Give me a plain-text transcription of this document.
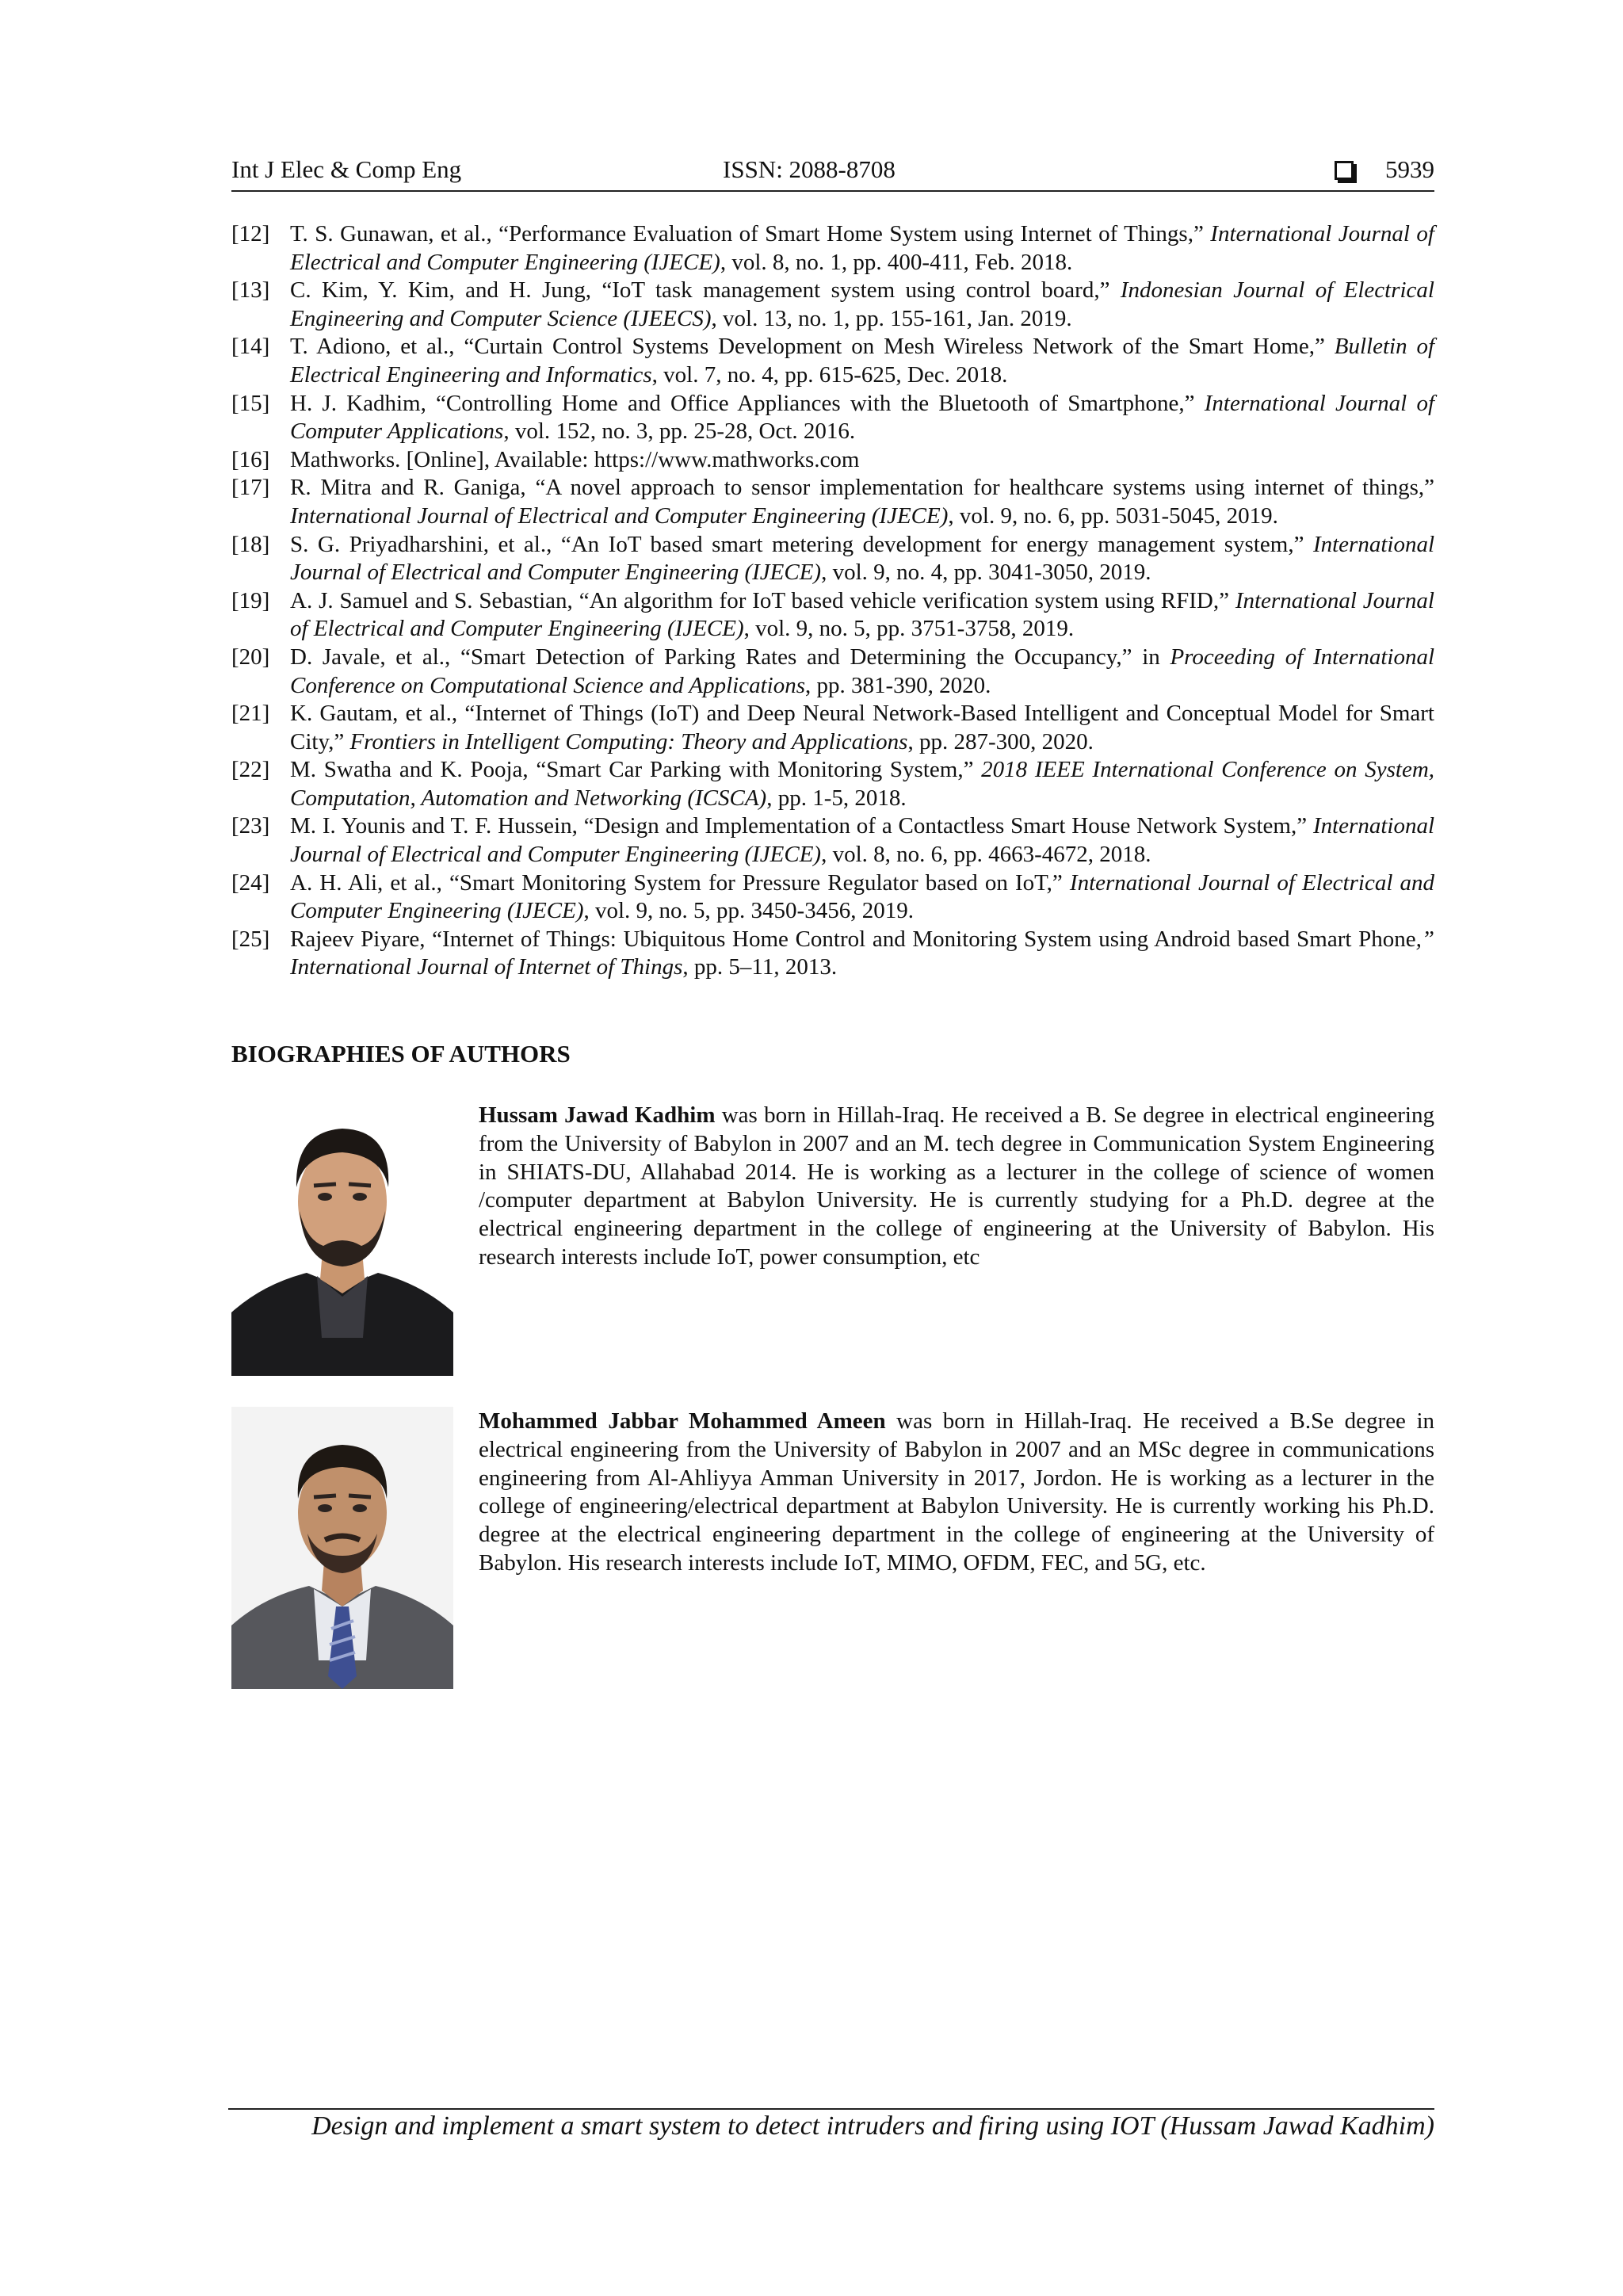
Int J Elec & Comp Eng	ISSN: 2088-8708	5939
[12] T. S. Gunawan, et al., “Performance Evaluation of Smart Home System using Internet of Things,” International Journal of Electrical and Computer Engineering (IJECE), vol. 8, no. 1, pp. 400-411, Feb. 2018.
[13] C. Kim, Y. Kim, and H. Jung, “IoT task management system using control board,” Indonesian Journal of Electrical Engineering and Computer Science (IJEECS), vol. 13, no. 1, pp. 155-161, Jan. 2019.
[14] T. Adiono, et al., “Curtain Control Systems Development on Mesh Wireless Network of the Smart Home,” Bulletin of Electrical Engineering and Informatics, vol. 7, no. 4, pp. 615-625, Dec. 2018.
[15] H. J. Kadhim, “Controlling Home and Office Appliances with the Bluetooth of Smartphone,” International Journal of Computer Applications, vol. 152, no. 3, pp. 25-28, Oct. 2016.
[16] Mathworks. [Online], Available: https://www.mathworks.com
[17] R. Mitra and R. Ganiga, “A novel approach to sensor implementation for healthcare systems using internet of things,” International Journal of Electrical and Computer Engineering (IJECE), vol. 9, no. 6, pp. 5031-5045, 2019.
[18] S. G. Priyadharshini, et al., “An IoT based smart metering development for energy management system,” International Journal of Electrical and Computer Engineering (IJECE), vol. 9, no. 4, pp. 3041-3050, 2019.
[19] A. J. Samuel and S. Sebastian, “An algorithm for IoT based vehicle verification system using RFID,” International Journal of Electrical and Computer Engineering (IJECE), vol. 9, no. 5, pp. 3751-3758, 2019.
[20] D. Javale, et al., “Smart Detection of Parking Rates and Determining the Occupancy,” in Proceeding of International Conference on Computational Science and Applications, pp. 381-390, 2020.
[21] K. Gautam, et al., “Internet of Things (IoT) and Deep Neural Network-Based Intelligent and Conceptual Model for Smart City,” Frontiers in Intelligent Computing: Theory and Applications, pp. 287-300, 2020.
[22] M. Swatha and K. Pooja, “Smart Car Parking with Monitoring System,” 2018 IEEE International Conference on System, Computation, Automation and Networking (ICSCA), pp. 1-5, 2018.
[23] M. I. Younis and T. F. Hussein, “Design and Implementation of a Contactless Smart House Network System,” International Journal of Electrical and Computer Engineering (IJECE), vol. 8, no. 6, pp. 4663-4672, 2018.
[24] A. H. Ali, et al., “Smart Monitoring System for Pressure Regulator based on IoT,” International Journal of Electrical and Computer Engineering (IJECE), vol. 9, no. 5, pp. 3450-3456, 2019.
[25] Rajeev Piyare, “Internet of Things: Ubiquitous Home Control and Monitoring System using Android based Smart Phone,” International Journal of Internet of Things, pp. 5–11, 2013.
BIOGRAPHIES OF AUTHORS
Hussam Jawad Kadhim was born in Hillah-Iraq. He received a B. Se degree in electrical engineering from the University of Babylon in 2007 and an M. tech degree in Communication System Engineering in SHIATS-DU, Allahabad 2014. He is working as a lecturer in the college of science of women /computer department at Babylon University. He is currently studying for a Ph.D. degree at the electrical engineering department in the college of engineering at the University of Babylon. His research interests include IoT, power consumption, etc
Mohammed Jabbar Mohammed Ameen was born in Hillah-Iraq. He received a B.Se degree in electrical engineering from the University of Babylon in 2007 and an MSc degree in communications engineering from Al-Ahliyya Amman University in 2017, Jordon. He is working as a lecturer in the college of engineering/electrical department at Babylon University. He is currently working his Ph.D. degree at the electrical engineering department in the college of engineering at the University of Babylon. His research interests include IoT, MIMO, OFDM, FEC, and 5G, etc.
Design and implement a smart system to detect intruders and firing using IOT (Hussam Jawad Kadhim)
